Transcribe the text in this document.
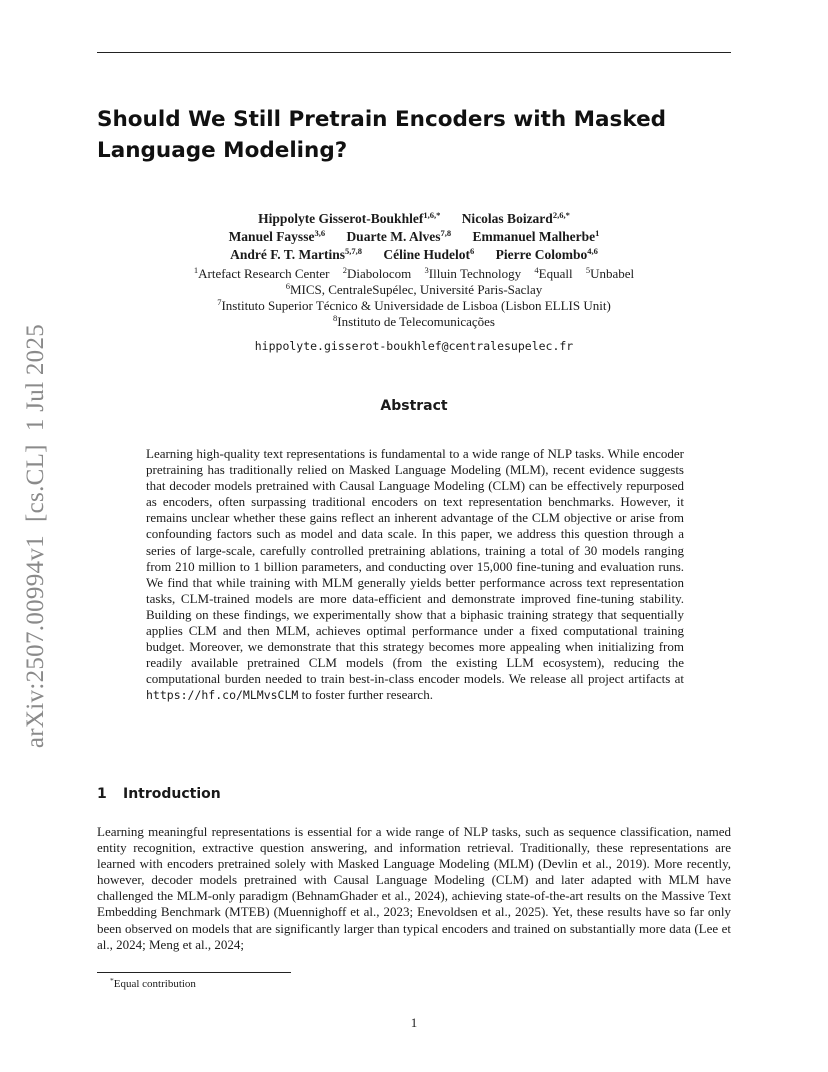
arXiv:2507.00994v1  [cs.CL]  1 Jul 2025
Should We Still Pretrain Encoders with Masked Language Modeling?
Hippolyte Gisserot-Boukhlef$^{1,6,*}$ Nicolas Boizard$^{2,6,*}$
Manuel Faysse$^{3,6}$ Duarte M. Alves$^{7,8}$ Emmanuel Malherbe$^1$
André F. T. Martins$^{5,7,8}$ Céline Hudelot$^6$ Pierre Colombo$^{4,6}$
$^1$Artefact Research Center $^2$Diabolocom $^3$Illuin Technology $^4$Equall $^5$Unbabel
$^6$MICS, CentraleSupélec, Université Paris-Saclay
$^7$Instituto Superior Técnico & Universidade de Lisboa (Lisbon ELLIS Unit)
$^8$Instituto de Telecomunicações
hippolyte.gisserot-boukhlef@centralesupelec.fr
Abstract

Learning high-quality text representations is fundamental to a wide range of NLP tasks. While encoder pretraining has traditionally relied on Masked Language Modeling (MLM), recent evidence suggests that decoder models pretrained with Causal Language Modeling (CLM) can be effectively repurposed as encoders, often surpassing traditional encoders on text representation benchmarks. However, it remains unclear whether these gains reflect an inherent advantage of the CLM objective or arise from confounding factors such as model and data scale. In this paper, we address this question through a series of large-scale, carefully controlled pretraining ablations, training a total of 30 models ranging from 210 million to 1 billion parameters, and conducting over 15,000 fine-tuning and evaluation runs. We find that while training with MLM generally yields better performance across text representation tasks, CLM-trained models are more data-efficient and demonstrate improved fine-tuning stability. Building on these findings, we experimentally show that a biphasic training strategy that sequentially applies CLM and then MLM, achieves optimal performance under a fixed computational training budget. Moreover, we demonstrate that this strategy becomes more appealing when initializing from readily available pretrained CLM models (from the existing LLM ecosystem), reducing the computational burden needed to train best-in-class encoder models. We release all project artifacts at https://hf.co/MLMvsCLM to foster further research.

1 Introduction

Learning meaningful representations is essential for a wide range of NLP tasks, such as sequence classification, named entity recognition, extractive question answering, and information retrieval. Traditionally, these representations are learned with encoders pretrained solely with Masked Language Modeling (MLM) (Devlin et al., 2019). More recently, however, decoder models pretrained with Causal Language Modeling (CLM) and later adapted with MLM have challenged the MLM-only paradigm (BehnamGhader et al., 2024), achieving state-of-the-art results on the Massive Text Embedding Benchmark (MTEB) (Muennighoff et al., 2023; Enevoldsen et al., 2025). Yet, these results have so far only been observed on models that are significantly larger than typical encoders and trained on substantially more data (Lee et al., 2024; Meng et al., 2024;

*Equal contribution
1
